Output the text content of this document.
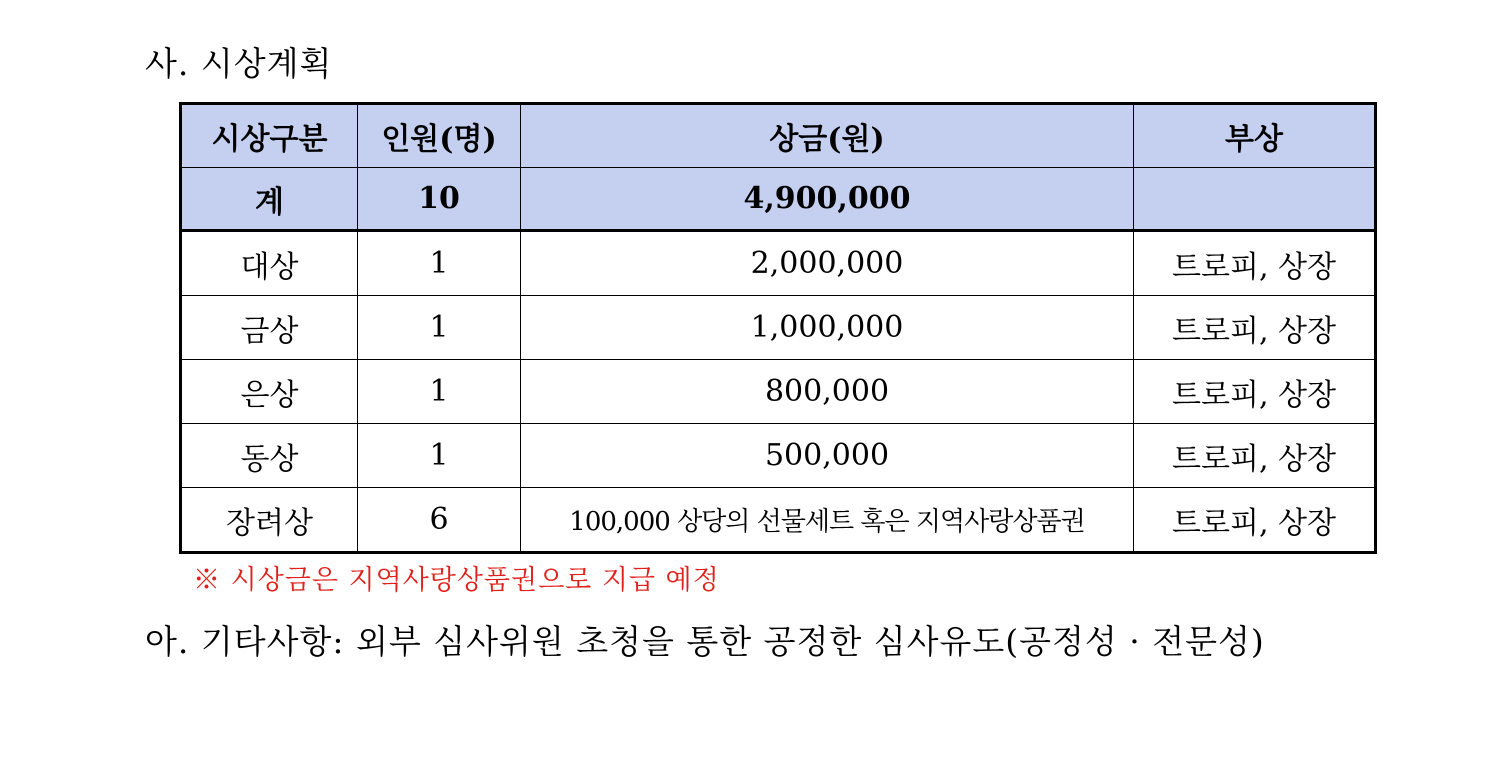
사. 시상계획
시상구분	인원(명)	상금(원)	부상
계	10	4,900,000	
대상	1	2,000,000	트로피, 상장
금상	1	1,000,000	트로피, 상장
은상	1	800,000	트로피, 상장
동상	1	500,000	트로피, 상장
장려상	6	100,000 상당의 선물세트 혹은 지역사랑상품권	트로피, 상장
※ 시상금은 지역사랑상품권으로 지급 예정
아. 기타사항: 외부 심사위원 초청을 통한 공정한 심사유도(공정성 · 전문성)
